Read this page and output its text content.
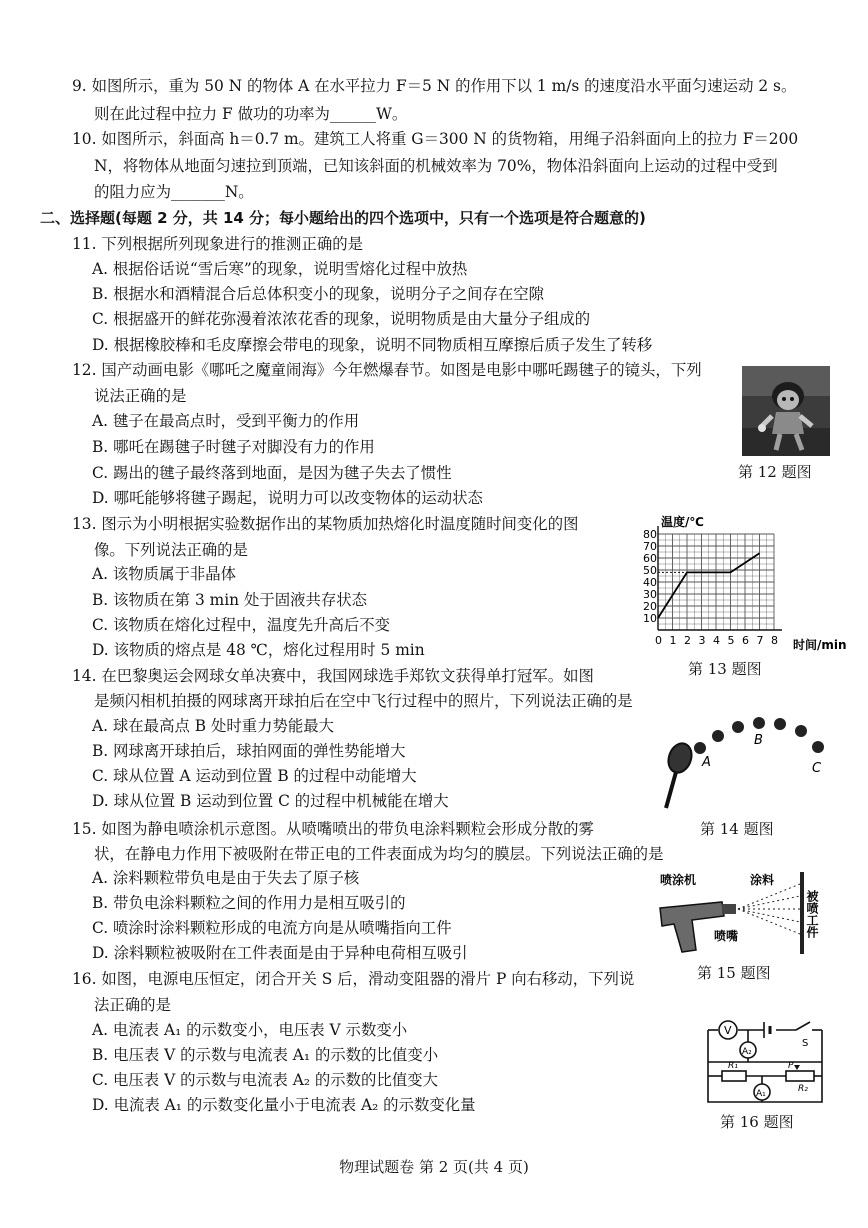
9. 如图所示，重为 50 N 的物体 A 在水平拉力 F＝5 N 的作用下以 1 m/s 的速度沿水平面匀速运动 2 s。
则在此过程中拉力 F 做功的功率为______W。
10. 如图所示，斜面高 h＝0.7 m。建筑工人将重 G＝300 N 的货物箱，用绳子沿斜面向上的拉力 F＝200
N，将物体从地面匀速拉到顶端，已知该斜面的机械效率为 70%，物体沿斜面向上运动的过程中受到
的阻力应为_______N。
二、选择题(每题 2 分，共 14 分；每小题给出的四个选项中，只有一个选项是符合题意的)
11. 下列根据所列现象进行的推测正确的是
A. 根据俗话说“雪后寒”的现象，说明雪熔化过程中放热
B. 根据水和酒精混合后总体积变小的现象，说明分子之间存在空隙
C. 根据盛开的鲜花弥漫着浓浓花香的现象，说明物质是由大量分子组成的
D. 根据橡胶棒和毛皮摩擦会带电的现象，说明不同物质相互摩擦后质子发生了转移
12. 国产动画电影《哪吒之魔童闹海》今年燃爆春节。如图是电影中哪吒踢毽子的镜头，下列
说法正确的是
A. 毽子在最高点时，受到平衡力的作用
B. 哪吒在踢毽子时毽子对脚没有力的作用
C. 踢出的毽子最终落到地面，是因为毽子失去了惯性
D. 哪吒能够将毽子踢起，说明力可以改变物体的运动状态
第 12 题图
13. 图示为小明根据实验数据作出的某物质加热熔化时温度随时间变化的图
像。下列说法正确的是
A. 该物质属于非晶体
B. 该物质在第 3 min 处于固液共存状态
C. 该物质在熔化过程中，温度先升高后不变
D. 该物质的熔点是 48 ℃，熔化过程用时 5 min
温度/℃
时间/min
0 1 2 3 4 5 6 7 8
10
20
30
40
50
60
70
80
第 13 题图
14. 在巴黎奥运会网球女单决赛中，我国网球选手郑钦文获得单打冠军。如图
是频闪相机拍摄的网球离开球拍后在空中飞行过程中的照片，下列说法正确的是
A. 球在最高点 B 处时重力势能最大
B. 网球离开球拍后，球拍网面的弹性势能增大
C. 球从位置 A 运动到位置 B 的过程中动能增大
D. 球从位置 B 运动到位置 C 的过程中机械能在增大
A
B
C
第 14 题图
15. 如图为静电喷涂机示意图。从喷嘴喷出的带负电涂料颗粒会形成分散的雾
状，在静电力作用下被吸附在带正电的工件表面成为均匀的膜层。下列说法正确的是
A. 涂料颗粒带负电是由于失去了原子核
B. 带负电涂料颗粒之间的作用力是相互吸引的
C. 喷涂时涂料颗粒形成的电流方向是从喷嘴指向工件
D. 涂料颗粒被吸附在工件表面是由于异种电荷相互吸引
喷涂机	涂料
喷嘴	被喷工件
第 15 题图
16. 如图，电源电压恒定，闭合开关 S 后，滑动变阻器的滑片 P 向右移动，下列说
法正确的是
A. 电流表 A₁ 的示数变小，电压表 V 示数变小
B. 电压表 V 的示数与电流表 A₁ 的示数的比值变小
C. 电压表 V 的示数与电流表 A₂ 的示数的比值变大
D. 电流表 A₁ 的示数变化量小于电流表 A₂ 的示数变化量
V
S
A₂
R₁	P
R₂
A₁
第 16 题图
物理试题卷 第 2 页(共 4 页)
